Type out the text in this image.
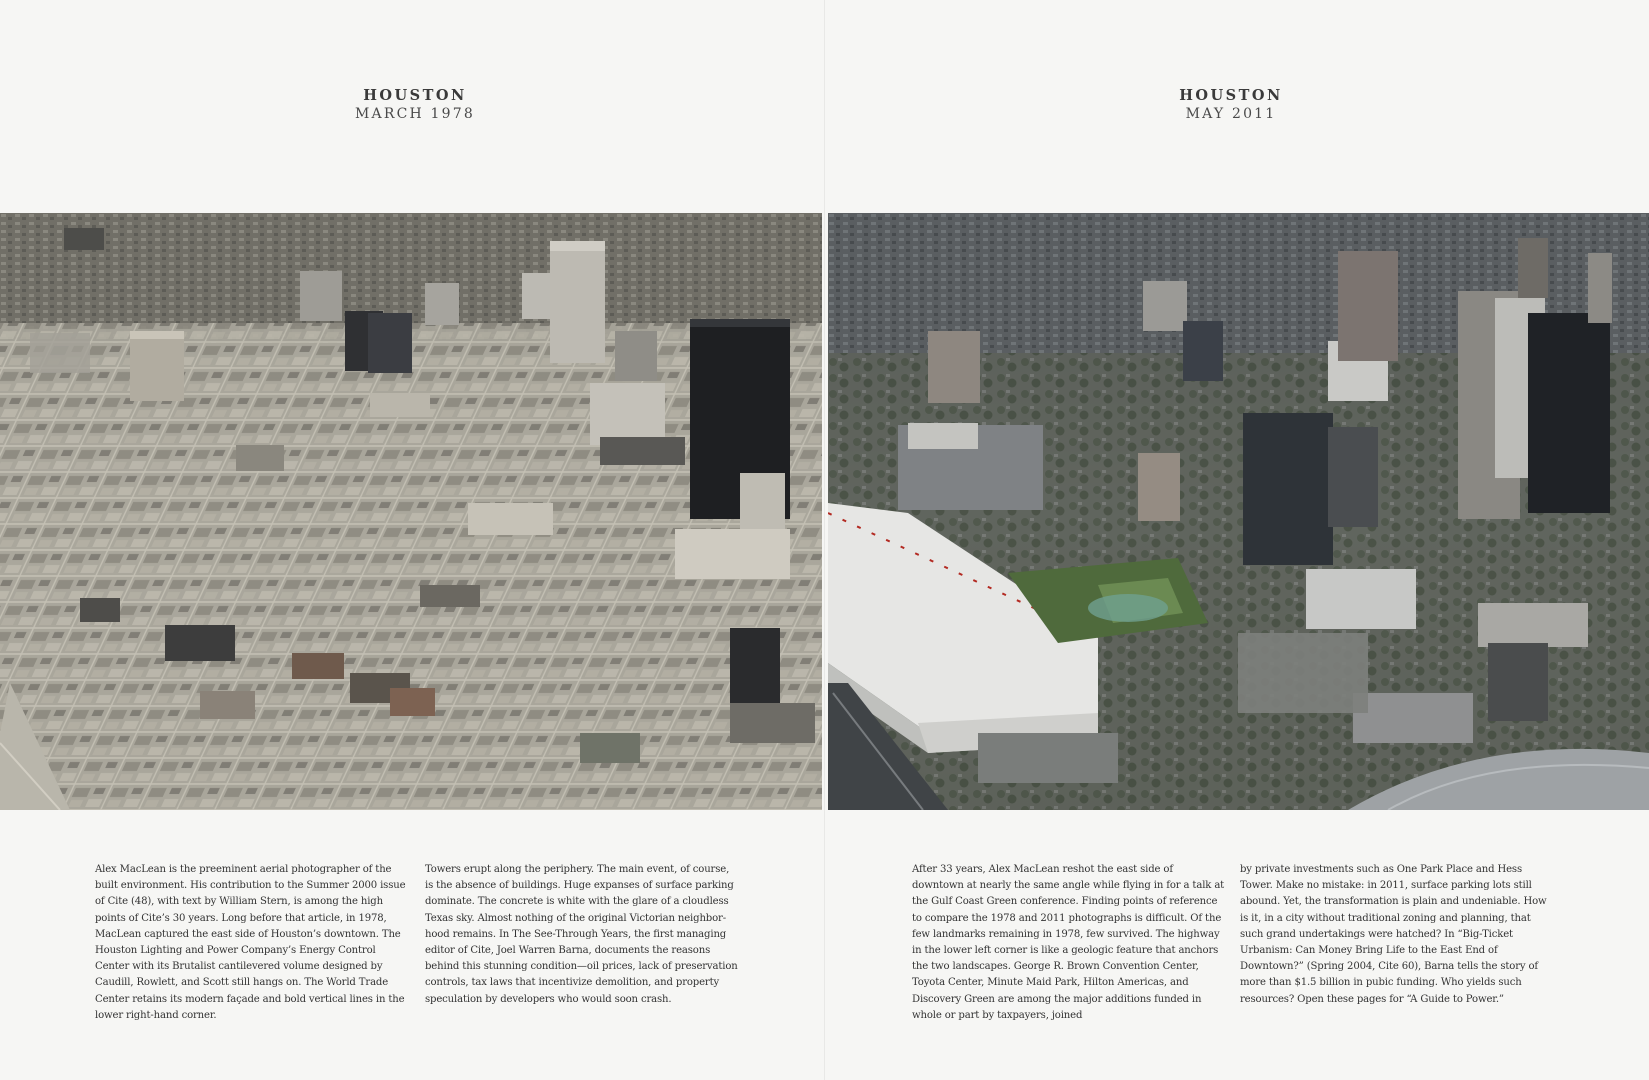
HOUSTON
MARCH 1978
Alex MacLean is the preeminent aerial photographer of the built environment. His contribution to the Summer 2000 issue of Cite (48), with text by William Stern, is among the high points of Cite’s 30 years. Long before that article, in 1978, MacLean captured the east side of Houston’s downtown. The Houston Lighting and Power Company’s Energy Control Center with its Brutalist cantilevered volume designed by Caudill, Rowlett, and Scott still hangs on. The World Trade Center retains its modern façade and bold vertical lines in the lower right-hand corner.
Towers erupt along the periphery. The main event, of course, is the absence of buildings. Huge expanses of surface parking dominate. The concrete is white with the glare of a cloudless Texas sky. Almost nothing of the original Victorian neighborhood remains. In The See-Through Years, the first managing editor of Cite, Joel Warren Barna, documents the reasons behind this stunning condition—oil prices, lack of preservation controls, tax laws that incentivize demolition, and property speculation by developers who would soon crash.
HOUSTON
MAY 2011
After 33 years, Alex MacLean reshot the east side of downtown at nearly the same angle while flying in for a talk at the Gulf Coast Green conference. Finding points of reference to compare the 1978 and 2011 photographs is difficult. Of the few landmarks remaining in 1978, few survived. The highway in the lower left corner is like a geologic feature that anchors the two landscapes. George R. Brown Convention Center, Toyota Center, Minute Maid Park, Hilton Americas, and Discovery Green are among the major additions funded in whole or part by taxpayers, joined
by private investments such as One Park Place and Hess Tower. Make no mistake: in 2011, surface parking lots still abound. Yet, the transformation is plain and undeniable. How is it, in a city without traditional zoning and planning, that such grand undertakings were hatched? In “Big-Ticket Urbanism: Can Money Bring Life to the East End of Downtown?” (Spring 2004, Cite 60), Barna tells the story of more than $1.5 billion in pubic funding. Who yields such resources? Open these pages for “A Guide to Power.”
